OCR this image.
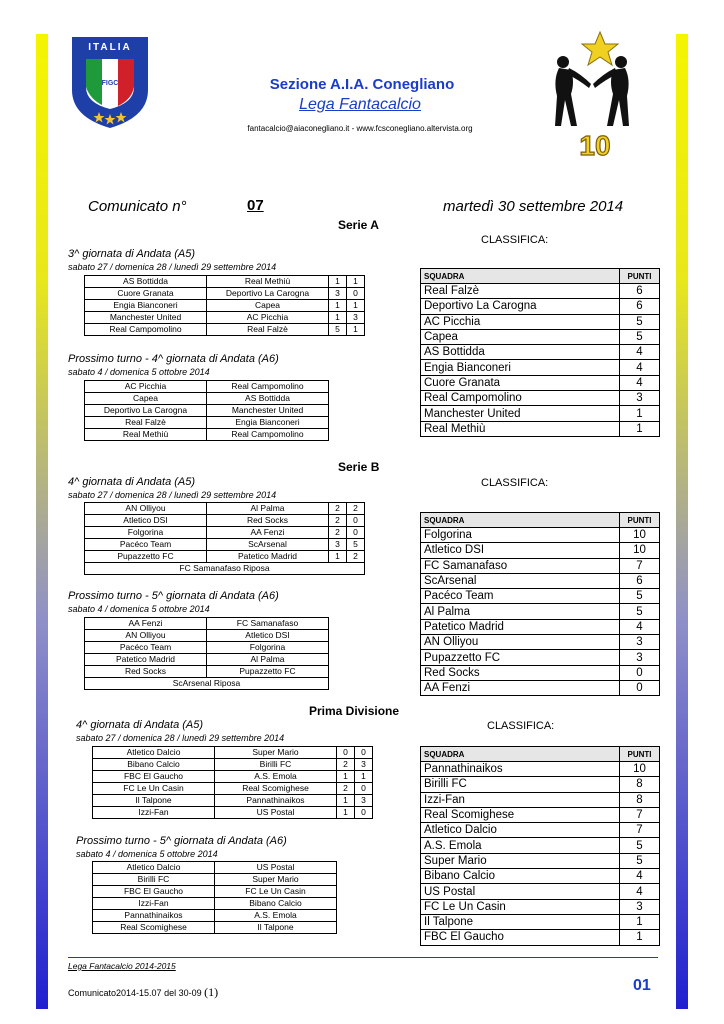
ITALIA
FIGC
10
Sezione A.I.A. Conegliano
Lega Fantacalcio
fantacalcio@aiaconegliano.it - www.fcsconegliano.altervista.org
Comunicato n°	07	martedì 30 settembre 2014
Serie A
CLASSIFICA:
3^ giornata di Andata (A5)
sabato 27 / domenica 28 / lunedì 29 settembre 2014
AS Bottidda	Real Methiù	1	1
Cuore Granata	Deportivo La Carogna	3	0
Engia Bianconeri	Capea	1	1
Manchester United	AC Picchia	1	3
Real Campomolino	Real Falzè	5	1
Prossimo turno - 4^ giornata di Andata (A6)
sabato 4 / domenica 5 ottobre 2014
AC Picchia	Real Campomolino
Capea	AS Bottidda
Deportivo La Carogna	Manchester United
Real Falzè	Engia Bianconeri
Real Methiù	Real Campomolino
SQUADRA	PUNTI
Real Falzè	6
Deportivo La Carogna	6
AC Picchia	5
Capea	5
AS Bottidda	4
Engia Bianconeri	4
Cuore Granata	4
Real Campomolino	3
Manchester United	1
Real Methiù	1
Serie B
CLASSIFICA:
4^ giornata di Andata (A5)
sabato 27 / domenica 28 / lunedì 29 settembre 2014
AN Olliyou	Al Palma	2	2
Atletico DSI	Red Socks	2	0
Folgorina	AA Fenzi	2	0
Pacéco Team	ScArsenal	3	5
Pupazzetto FC	Patetico Madrid	1	2
FC Samanafaso Riposa			
Prossimo turno - 5^ giornata di Andata (A6)
sabato 4 / domenica 5 ottobre 2014
AA Fenzi	FC Samanafaso
AN Olliyou	Atletico DSI
Pacéco Team	Folgorina
Patetico Madrid	Al Palma
Red Socks	Pupazzetto FC
ScArsenal Riposa	
SQUADRA	PUNTI
Folgorina	10
Atletico DSI	10
FC Samanafaso	7
ScArsenal	6
Pacéco Team	5
Al Palma	5
Patetico Madrid	4
AN Olliyou	3
Pupazzetto FC	3
Red Socks	0
AA Fenzi	0
Prima Divisione
CLASSIFICA:
4^ giornata di Andata (A5)
sabato 27 / domenica 28 / lunedì 29 settembre 2014
Atletico Dalcio	Super Mario	0	0
Bibano Calcio	Birilli FC	2	3
FBC El Gaucho	A.S. Emola	1	1
FC Le Un Casin	Real Scomighese	2	0
Il Talpone	Pannathinaikos	1	3
Izzi-Fan	US Postal	1	0
Prossimo turno - 5^ giornata di Andata (A6)
sabato 4 / domenica 5 ottobre 2014
Atletico Dalcio	US Postal
Birilli FC	Super Mario
FBC El Gaucho	FC Le Un Casin
Izzi-Fan	Bibano Calcio
Pannathinaikos	A.S. Emola
Real Scomighese	Il Talpone
SQUADRA	PUNTI
Pannathinaikos	10
Birilli FC	8
Izzi-Fan	8
Real Scomighese	7
Atletico Dalcio	7
A.S. Emola	5
Super Mario	5
Bibano Calcio	4
US Postal	4
FC Le Un Casin	3
Il Talpone	1
FBC El Gaucho	1
Lega Fantacalcio 2014-2015
Comunicato2014-15.07 del 30-09 (1)	01
